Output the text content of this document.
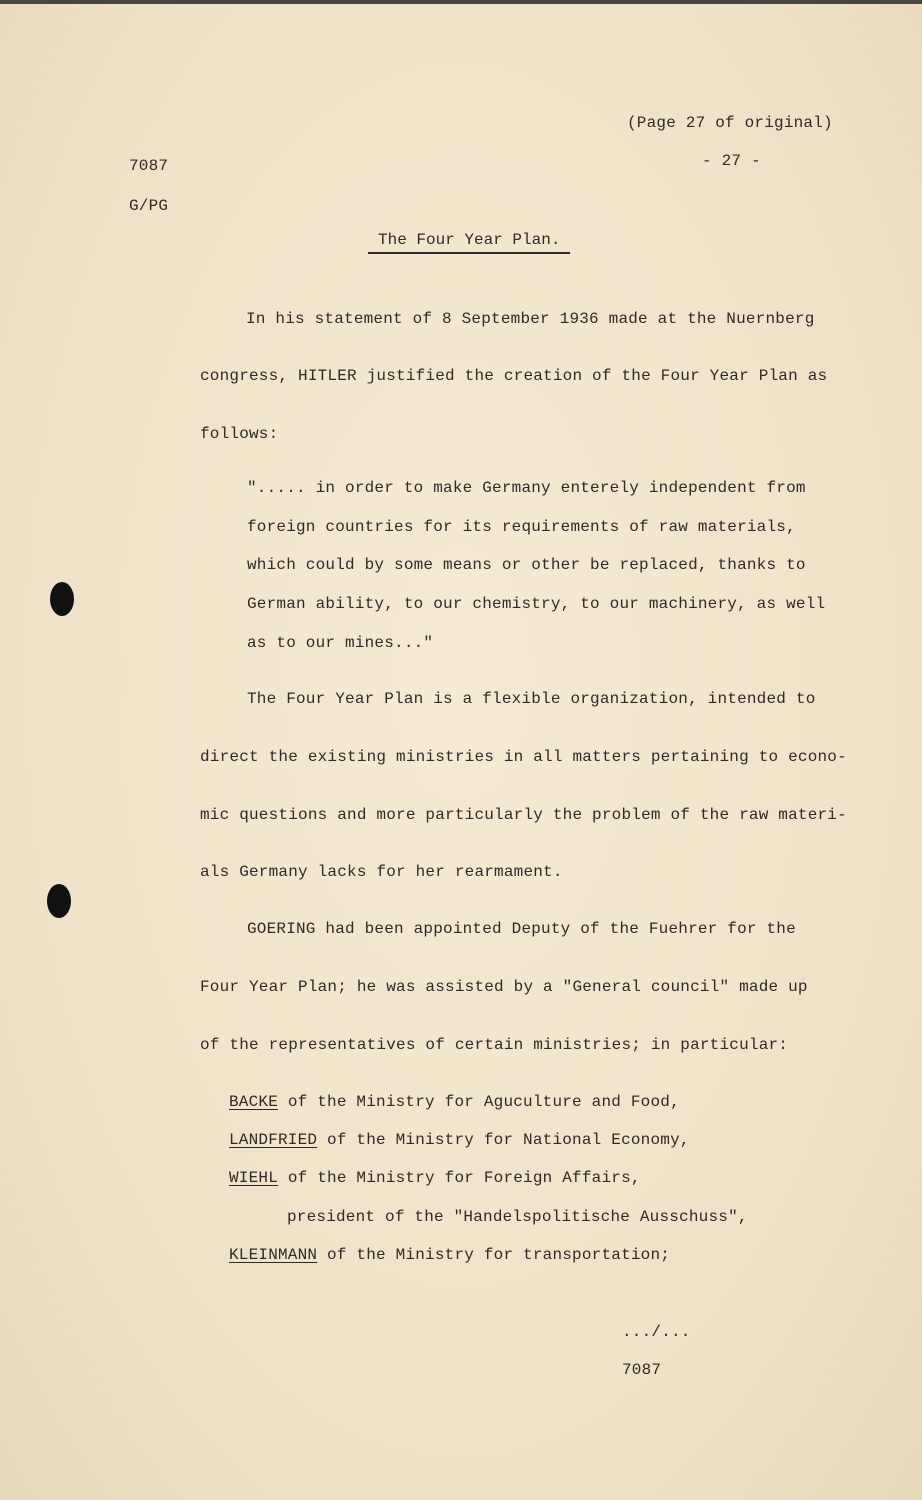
(Page 27 of original)
- 27 -
7087
G/PG
The Four Year Plan.
In his statement of 8 September 1936 made at the Nuernberg
congress, HITLER justified the creation of the Four Year Plan as
follows:
"..... in order to make Germany enterely independent from
foreign countries for its requirements of raw materials,
which could by some means or other be replaced, thanks to
German ability, to our chemistry, to our machinery, as well
as to our mines..."
The Four Year Plan is a flexible organization, intended to
direct the existing ministries in all matters pertaining to econo-
mic questions and more particularly the problem of the raw materi-
als Germany lacks for her rearmament.
GOERING had been appointed Deputy of the Fuehrer for the
Four Year Plan; he was assisted by a "General council" made up
of the representatives of certain ministries; in particular:
BACKE of the Ministry for Aguculture and Food,
LANDFRIED of the Ministry for National Economy,
WIEHL of the Ministry for Foreign Affairs,
president of the "Handelspolitische Ausschuss",
KLEINMANN of the Ministry for transportation;
.../...
7087
